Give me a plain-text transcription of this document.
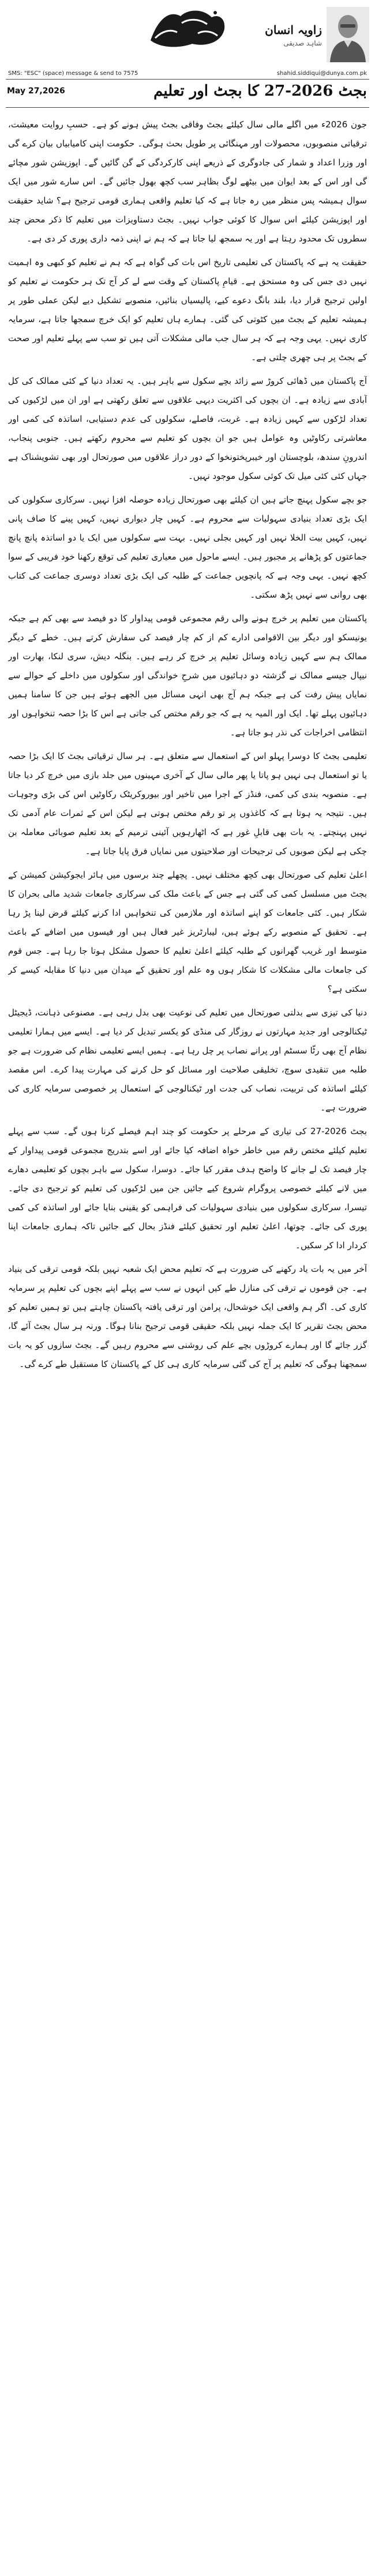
زاویہ انسان
شاہد صدیقی
SMS: "ESC" (space) message & send to 7575	shahid.siddiqui@dunya.com.pk
May 27,2026	بجٹ 2026-27 کا بجٹ اور تعلیم

جون 2026ء میں اگلے مالی سال کیلئے بجٹ وفاقی بجٹ پیش ہونے کو ہے۔ حسبِ روایت معیشت، ترقیاتی منصوبوں، محصولات اور مہنگائی پر طویل بحث ہوگی۔ حکومت اپنی کامیابیاں بیان کرے گی اور وزرا اعداد و شمار کی جادوگری کے ذریعے اپنی کارکردگی کے گن گائیں گے۔ اپوزیشن شور مچائے گی اور اس کے بعد ایوان میں بیٹھے لوگ بظاہر سب کچھ بھول جائیں گے۔ اس سارے شور میں ایک سوال ہمیشہ پس منظر میں رہ جاتا ہے کہ کیا تعلیم واقعی ہماری قومی ترجیح ہے؟ شاید حقیقت اور اپوزیشن کیلئے اس سوال کا کوئی جواب نہیں۔ بجٹ دستاویزات میں تعلیم کا ذکر محض چند سطروں تک محدود رہتا ہے اور یہ سمجھ لیا جاتا ہے کہ ہم نے اپنی ذمہ داری پوری کر دی ہے۔

حقیقت یہ ہے کہ پاکستان کی تعلیمی تاریخ اس بات کی گواہ ہے کہ ہم نے تعلیم کو کبھی وہ اہمیت نہیں دی جس کی وہ مستحق ہے۔ قیامِ پاکستان کے وقت سے لے کر آج تک ہر حکومت نے تعلیم کو اولین ترجیح قرار دیا، بلند بانگ دعوے کیے، پالیسیاں بنائیں، منصوبے تشکیل دیے لیکن عملی طور پر ہمیشہ تعلیم کے بجٹ میں کٹوتی کی گئی۔ ہمارے ہاں تعلیم کو ایک خرچ سمجھا جاتا ہے، سرمایہ کاری نہیں۔ یہی وجہ ہے کہ ہر سال جب مالی مشکلات آتی ہیں تو سب سے پہلے تعلیم اور صحت کے بجٹ پر ہی چھری چلتی ہے۔

آج پاکستان میں ڈھائی کروڑ سے زائد بچے سکول سے باہر ہیں۔ یہ تعداد دنیا کے کئی ممالک کی کل آبادی سے زیادہ ہے۔ ان بچوں کی اکثریت دیہی علاقوں سے تعلق رکھتی ہے اور ان میں لڑکیوں کی تعداد لڑکوں سے کہیں زیادہ ہے۔ غربت، فاصلے، سکولوں کی عدم دستیابی، اساتذہ کی کمی اور معاشرتی رکاوٹیں وہ عوامل ہیں جو ان بچوں کو تعلیم سے محروم رکھتے ہیں۔ جنوبی پنجاب، اندرونِ سندھ، بلوچستان اور خیبرپختونخوا کے دور دراز علاقوں میں صورتحال اور بھی تشویشناک ہے جہاں کئی کئی میل تک کوئی سکول موجود نہیں۔

جو بچے سکول پہنچ جاتے ہیں ان کیلئے بھی صورتحال زیادہ حوصلہ افزا نہیں۔ سرکاری سکولوں کی ایک بڑی تعداد بنیادی سہولیات سے محروم ہے۔ کہیں چار دیواری نہیں، کہیں پینے کا صاف پانی نہیں، کہیں بیت الخلا نہیں اور کہیں بجلی نہیں۔ بہت سے سکولوں میں ایک یا دو اساتذہ پانچ پانچ جماعتوں کو پڑھانے پر مجبور ہیں۔ ایسے ماحول میں معیاری تعلیم کی توقع رکھنا خود فریبی کے سوا کچھ نہیں۔ یہی وجہ ہے کہ پانچویں جماعت کے طلبہ کی ایک بڑی تعداد دوسری جماعت کی کتاب بھی روانی سے نہیں پڑھ سکتی۔

پاکستان میں تعلیم پر خرچ ہونے والی رقم مجموعی قومی پیداوار کا دو فیصد سے بھی کم ہے جبکہ یونیسکو اور دیگر بین الاقوامی ادارے کم از کم چار فیصد کی سفارش کرتے ہیں۔ خطے کے دیگر ممالک ہم سے کہیں زیادہ وسائل تعلیم پر خرچ کر رہے ہیں۔ بنگلہ دیش، سری لنکا، بھارت اور نیپال جیسے ممالک نے گزشتہ دو دہائیوں میں شرحِ خواندگی اور سکولوں میں داخلے کے حوالے سے نمایاں پیش رفت کی ہے جبکہ ہم آج بھی انہی مسائل میں الجھے ہوئے ہیں جن کا سامنا ہمیں دہائیوں پہلے تھا۔ ایک اور المیہ یہ ہے کہ جو رقم مختص کی جاتی ہے اس کا بڑا حصہ تنخواہوں اور انتظامی اخراجات کی نذر ہو جاتا ہے۔

تعلیمی بجٹ کا دوسرا پہلو اس کے استعمال سے متعلق ہے۔ ہر سال ترقیاتی بجٹ کا ایک بڑا حصہ یا تو استعمال ہی نہیں ہو پاتا یا پھر مالی سال کے آخری مہینوں میں جلد بازی میں خرچ کر دیا جاتا ہے۔ منصوبہ بندی کی کمی، فنڈز کے اجرا میں تاخیر اور بیوروکریٹک رکاوٹیں اس کی بڑی وجوہات ہیں۔ نتیجہ یہ ہوتا ہے کہ کاغذوں پر تو رقم مختص ہوتی ہے لیکن اس کے ثمرات عام آدمی تک نہیں پہنچتے۔ یہ بات بھی قابلِ غور ہے کہ اٹھارہویں آئینی ترمیم کے بعد تعلیم صوبائی معاملہ بن چکی ہے لیکن صوبوں کی ترجیحات اور صلاحیتوں میں نمایاں فرق پایا جاتا ہے۔

اعلیٰ تعلیم کی صورتحال بھی کچھ مختلف نہیں۔ پچھلے چند برسوں میں ہائر ایجوکیشن کمیشن کے بجٹ میں مسلسل کمی کی گئی ہے جس کے باعث ملک کی سرکاری جامعات شدید مالی بحران کا شکار ہیں۔ کئی جامعات کو اپنے اساتذہ اور ملازمین کی تنخواہیں ادا کرنے کیلئے قرض لینا پڑ رہا ہے۔ تحقیق کے منصوبے رکے ہوئے ہیں، لیبارٹریز غیر فعال ہیں اور فیسوں میں اضافے کے باعث متوسط اور غریب گھرانوں کے طلبہ کیلئے اعلیٰ تعلیم کا حصول مشکل ہوتا جا رہا ہے۔ جس قوم کی جامعات مالی مشکلات کا شکار ہوں وہ علم اور تحقیق کے میدان میں دنیا کا مقابلہ کیسے کر سکتی ہے؟

دنیا کی تیزی سے بدلتی صورتحال میں تعلیم کی نوعیت بھی بدل رہی ہے۔ مصنوعی ذہانت، ڈیجیٹل ٹیکنالوجی اور جدید مہارتوں نے روزگار کی منڈی کو یکسر تبدیل کر دیا ہے۔ ایسے میں ہمارا تعلیمی نظام آج بھی رٹّا سسٹم اور پرانے نصاب پر چل رہا ہے۔ ہمیں ایسے تعلیمی نظام کی ضرورت ہے جو طلبہ میں تنقیدی سوچ، تخلیقی صلاحیت اور مسائل کو حل کرنے کی مہارت پیدا کرے۔ اس مقصد کیلئے اساتذہ کی تربیت، نصاب کی جدت اور ٹیکنالوجی کے استعمال پر خصوصی سرمایہ کاری کی ضرورت ہے۔

بجٹ 2026-27 کی تیاری کے مرحلے پر حکومت کو چند اہم فیصلے کرنا ہوں گے۔ سب سے پہلے تعلیم کیلئے مختص رقم میں خاطر خواہ اضافہ کیا جائے اور اسے بتدریج مجموعی قومی پیداوار کے چار فیصد تک لے جانے کا واضح ہدف مقرر کیا جائے۔ دوسرا، سکول سے باہر بچوں کو تعلیمی دھارے میں لانے کیلئے خصوصی پروگرام شروع کیے جائیں جن میں لڑکیوں کی تعلیم کو ترجیح دی جائے۔ تیسرا، سرکاری سکولوں میں بنیادی سہولیات کی فراہمی کو یقینی بنایا جائے اور اساتذہ کی کمی پوری کی جائے۔ چوتھا، اعلیٰ تعلیم اور تحقیق کیلئے فنڈز بحال کیے جائیں تاکہ ہماری جامعات اپنا کردار ادا کر سکیں۔

آخر میں یہ بات یاد رکھنے کی ضرورت ہے کہ تعلیم محض ایک شعبہ نہیں بلکہ قومی ترقی کی بنیاد ہے۔ جن قوموں نے ترقی کی منازل طے کیں انہوں نے سب سے پہلے اپنے بچوں کی تعلیم پر سرمایہ کاری کی۔ اگر ہم واقعی ایک خوشحال، پرامن اور ترقی یافتہ پاکستان چاہتے ہیں تو ہمیں تعلیم کو محض بجٹ تقریر کا ایک جملہ نہیں بلکہ حقیقی قومی ترجیح بنانا ہوگا۔ ورنہ ہر سال بجٹ آئے گا، گزر جائے گا اور ہمارے کروڑوں بچے علم کی روشنی سے محروم رہیں گے۔ بجٹ سازوں کو یہ بات سمجھنا ہوگی کہ تعلیم پر آج کی گئی سرمایہ کاری ہی کل کے پاکستان کا مستقبل طے کرے گی۔
